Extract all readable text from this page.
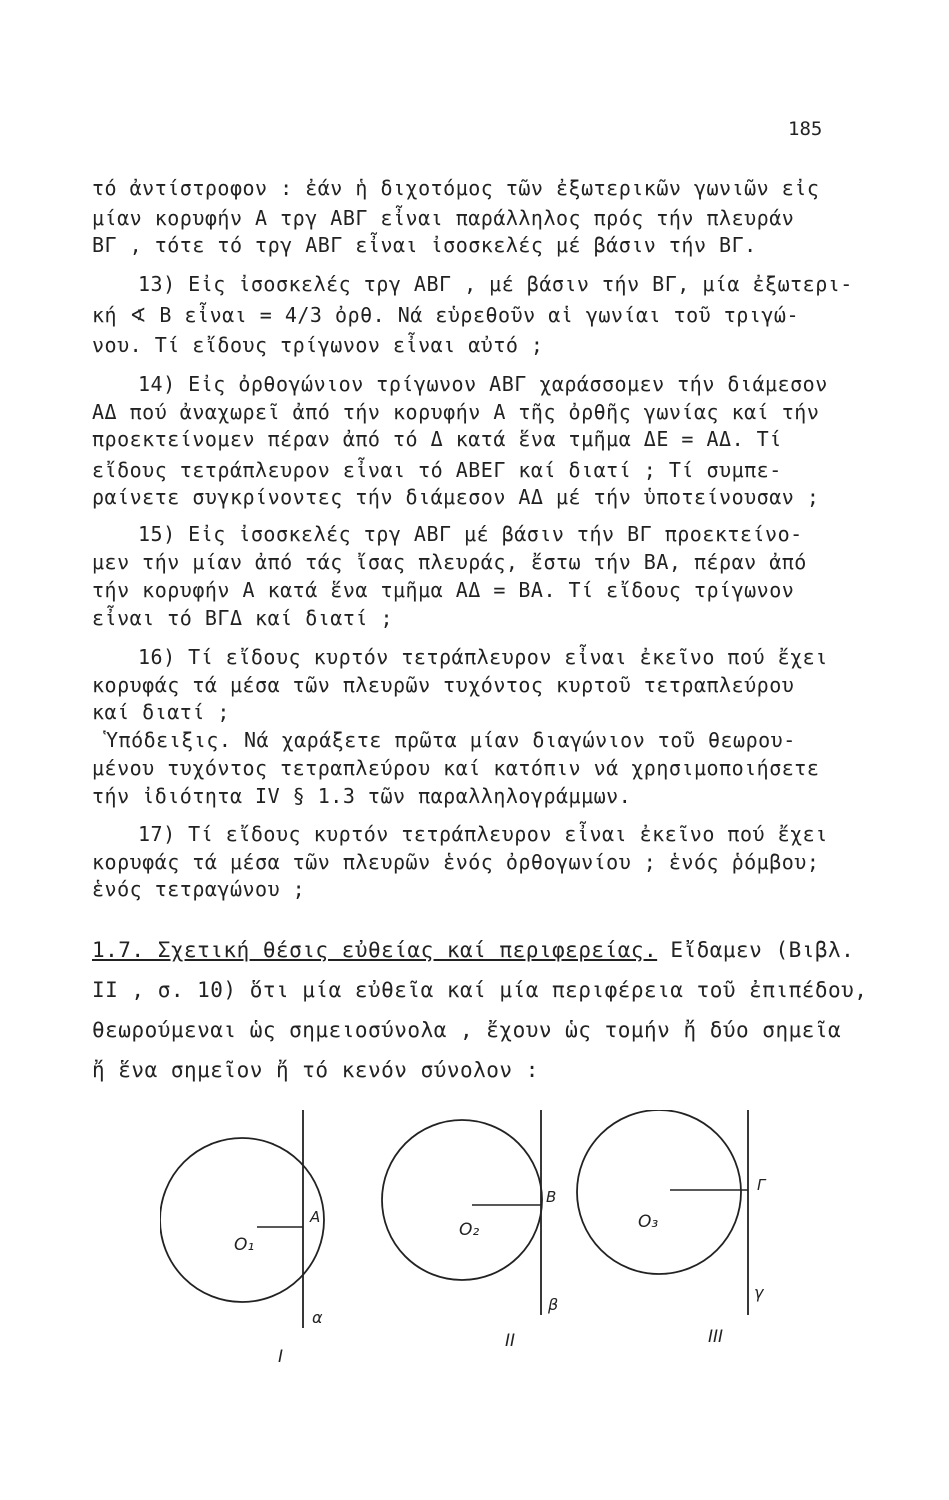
185
τό ἀντίστροφον : ἐάν ἡ διχοτόμος τῶν ἐξωτερικῶν γωνιῶν εἰς
μίαν κορυφήν Α τργ ΑΒΓ εἶναι παράλληλος πρός τήν πλευράν
ΒΓ , τότε τό τργ ΑΒΓ εἶναι ἰσοσκελές μέ βάσιν τήν ΒΓ.
13) Εἰς ἰσοσκελές τργ ΑΒΓ , μέ βάσιν τήν ΒΓ, μία ἐξωτερι-
κή ∢ Β εἶναι = 4/3 ὀρθ. Νά εὑρεθοῦν αἱ γωνίαι τοῦ τριγώ-
νου. Τί εἴδους τρίγωνον εἶναι αὐτό ;
14) Εἰς ὀρθογώνιον τρίγωνον ΑΒΓ χαράσσομεν τήν διάμεσον
ΑΔ πού ἀναχωρεῖ ἀπό τήν κορυφήν Α τῆς ὀρθῆς γωνίας καί τήν
προεκτείνομεν πέραν ἀπό τό Δ κατά ἕνα τμῆμα ΔΕ = ΑΔ. Τί
εἴδους τετράπλευρον εἶναι τό ΑΒΕΓ καί διατί ; Τί συμπε-
ραίνετε συγκρίνοντες τήν διάμεσον ΑΔ μέ τήν ὑποτείνουσαν ;
15) Εἰς ἰσοσκελές τργ ΑΒΓ μέ βάσιν τήν ΒΓ προεκτείνο-
μεν τήν μίαν ἀπό τάς ἴσας πλευράς, ἔστω τήν ΒΑ, πέραν ἀπό
τήν κορυφήν Α κατά ἕνα τμῆμα ΑΔ = ΒΑ. Τί εἴδους τρίγωνον
εἶναι τό ΒΓΔ καί διατί ;
16) Τί εἴδους κυρτόν τετράπλευρον εἶναι ἐκεῖνο πού ἔχει
κορυφάς τά μέσα τῶν πλευρῶν τυχόντος κυρτοῦ τετραπλεύρου
καί διατί ;
Ὑπόδειξις. Νά χαράξετε πρῶτα μίαν διαγώνιον τοῦ θεωρου-
μένου τυχόντος τετραπλεύρου καί κατόπιν νά χρησιμοποιήσετε
τήν ἰδιότητα IV § 1.3 τῶν παραλληλογράμμων.
17) Τί εἴδους κυρτόν τετράπλευρον εἶναι ἐκεῖνο πού ἔχει
κορυφάς τά μέσα τῶν πλευρῶν ἑνός ὀρθογωνίου ; ἑνός ῥόμβου;
ἑνός τετραγώνου ;
1.7. Σχετική θέσις εὐθείας καί περιφερείας. Εἴδαμεν (Βιβλ.
ΙΙ , σ. 10) ὅτι μία εὐθεῖα καί μία περιφέρεια τοῦ ἐπιπέδου,
θεωρούμεναι ὡς σημειοσύνολα , ἔχουν ὡς τομήν ἤ δύο σημεῖα
ἤ ἕνα σημεῖον ἤ τό κενόν σύνολον :
O₁
A
α
I
O₂
B
β
II
O₃
Γ
γ
III
